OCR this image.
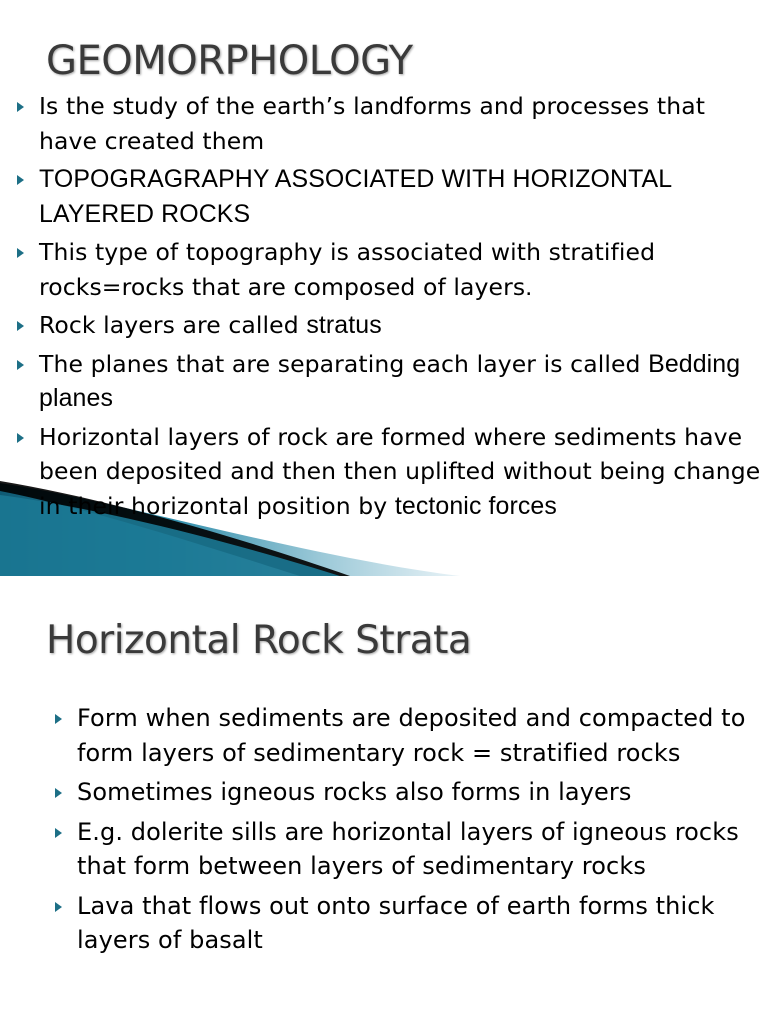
GEOMORPHOLOGY
Is the study of the earth’s landforms and processes that have created them
TOPOGRAGRAPHY ASSOCIATED WITH HORIZONTAL LAYERED ROCKS
This type of topography is associated with stratified rocks=rocks that are composed of layers.
Rock layers are called stratus
The planes that are separating each layer is called Bedding planes
Horizontal layers of rock are formed where sediments have been deposited and then then uplifted without being change in their horizontal position by tectonic forces
Horizontal Rock Strata
Form when sediments are deposited and compacted to form layers of sedimentary rock = stratified rocks
Sometimes igneous rocks also forms in layers
E.g. dolerite sills are horizontal layers of igneous rocks that form between layers of sedimentary rocks
Lava that flows out onto surface of earth forms thick layers of basalt
